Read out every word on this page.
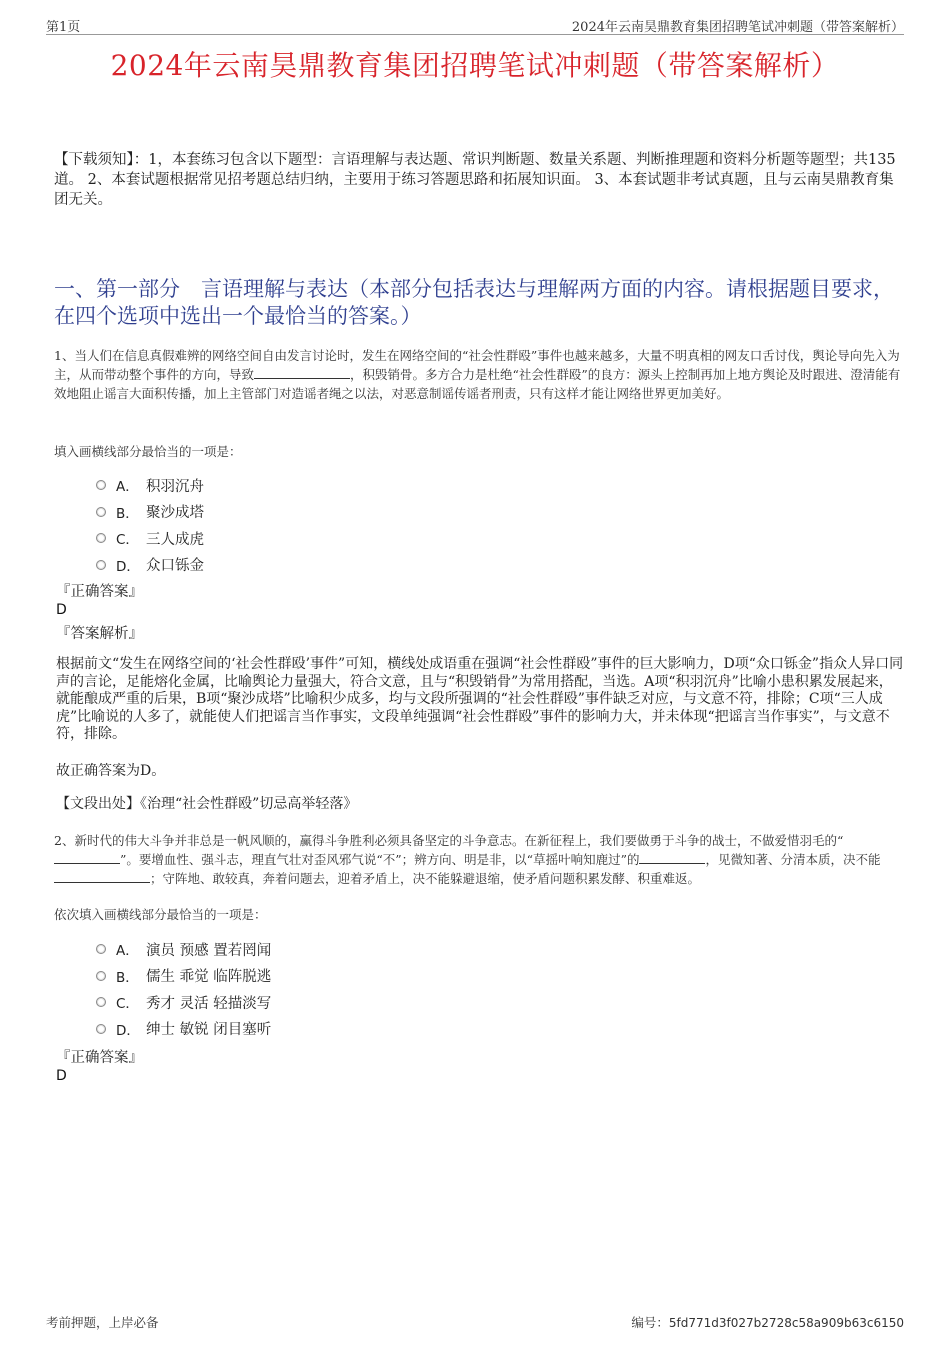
第1页	2024年云南昊鼎教育集团招聘笔试冲刺题（带答案解析）
2024年云南昊鼎教育集团招聘笔试冲刺题（带答案解析）
【下载须知】：1，本套练习包含以下题型：言语理解与表达题、常识判断题、数量关系题、判断推理题和资料分析题等题型；共135道。 2、本套试题根据常见招考题总结归纳，主要用于练习答题思路和拓展知识面。 3、本套试题非考试真题，且与云南昊鼎教育集团无关。
一、第一部分　言语理解与表达（本部分包括表达与理解两方面的内容。请根据题目要求，在四个选项中选出一个最恰当的答案。）
1、当人们在信息真假难辨的网络空间自由发言讨论时，发生在网络空间的“社会性群殴”事件也越来越多，大量不明真相的网友口舌讨伐，舆论导向先入为主，从而带动整个事件的方向，导致	，积毁销骨。多方合力是杜绝“社会性群殴”的良方：源头上控制再加上地方舆论及时跟进、澄清能有效地阻止谣言大面积传播，加上主管部门对造谣者绳之以法，对恶意制谣传谣者刑责，只有这样才能让网络世界更加美好。
填入画横线部分最恰当的一项是：
A． 积羽沉舟
B． 聚沙成塔
C． 三人成虎
D． 众口铄金
『正确答案』
D
『答案解析』
根据前文“发生在网络空间的‘社会性群殴’事件”可知，横线处成语重在强调“社会性群殴”事件的巨大影响力，D项“众口铄金”指众人异口同声的言论，足能熔化金属，比喻舆论力量强大，符合文意，且与“积毁销骨”为常用搭配，当选。A项“积羽沉舟”比喻小患积累发展起来，就能酿成严重的后果，B项“聚沙成塔”比喻积少成多，均与文段所强调的“社会性群殴”事件缺乏对应，与文意不符，排除；C项“三人成虎”比喻说的人多了，就能使人们把谣言当作事实，文段单纯强调“社会性群殴”事件的影响力大，并未体现“把谣言当作事实”，与文意不符，排除。
故正确答案为D。
【文段出处】《治理“社会性群殴”切忌高举轻落》
2、新时代的伟大斗争并非总是一帆风顺的，赢得斗争胜利必须具备坚定的斗争意志。在新征程上，我们要做勇于斗争的战士，不做爱惜羽毛的“”。要增血性、强斗志，理直气壮对歪风邪气说“不”；辨方向、明是非，以“草摇叶响知鹿过”的	，见微知著、分清本质，决不能；守阵地、敢较真，奔着问题去，迎着矛盾上，决不能躲避退缩，使矛盾问题积累发酵、积重难返。
依次填入画横线部分最恰当的一项是：
A． 演员 预感 置若罔闻
B． 儒生 乖觉 临阵脱逃
C． 秀才 灵活 轻描淡写
D． 绅士 敏锐 闭目塞听
『正确答案』
D
考前押题，上岸必备	编号：5fd771d3f027b2728c58a909b63c6150
